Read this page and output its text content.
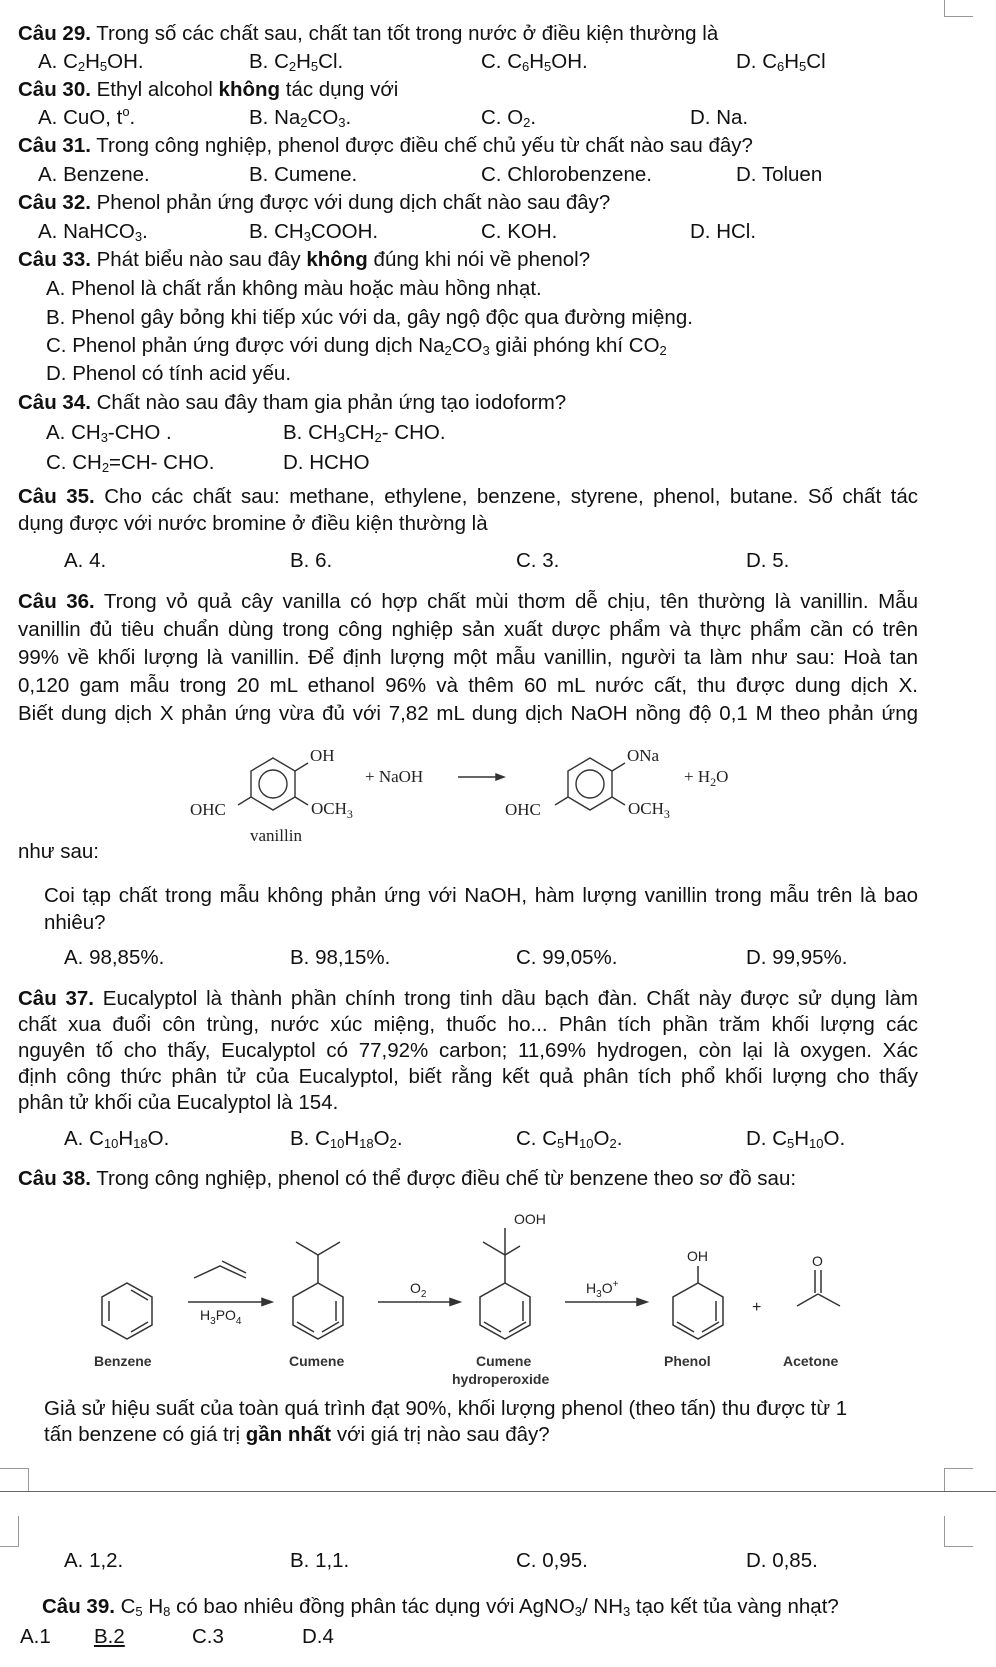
Câu 29. Trong số các chất sau, chất tan tốt trong nước ở điều kiện thường là
A. $C_2H_5OH$.	B. $C_2H_5Cl$.	C. $C_6H_5OH$.	D. $C_6H_5Cl$
Câu 30. Ethyl alcohol không tác dụng với
A. CuO, $t^o$.	B. $Na_2CO_3$.	C. $O_2$.	D. Na.
Câu 31. Trong công nghiệp, phenol được điều chế chủ yếu từ chất nào sau đây?
A. Benzene.	B. Cumene.	C. Chlorobenzene.	D. Toluen
Câu 32. Phenol phản ứng được với dung dịch chất nào sau đây?
A. NaHCO$_3$.	B. $CH_3COOH$.	C. KOH.	D. HCl.
Câu 33. Phát biểu nào sau đây không đúng khi nói về phenol?
A. Phenol là chất rắn không màu hoặc màu hồng nhạt.
B. Phenol gây bỏng khi tiếp xúc với da, gây ngộ độc qua đường miệng.
C. Phenol phản ứng được với dung dịch $Na_2CO_3$ giải phóng khí $CO_2$
D. Phenol có tính acid yếu.
Câu 34. Chất nào sau đây tham gia phản ứng tạo iodoform?
A. $CH_3$-CHO .	B. $CH_3CH_2-$ CHO.
C. $CH_2=CH-$ CHO.	D. HCHO
Câu 35. Cho các chất sau: methane, ethylene, benzene, styrene, phenol, butane. Số chất tác
dụng được với nước bromine ở điều kiện thường là
A. 4.	B. 6.	C. 3.	D. 5.
Câu 36. Trong vỏ quả cây vanilla có hợp chất mùi thơm dễ chịu, tên thường là vanillin. Mẫu
vanillin đủ tiêu chuẩn dùng trong công nghiệp sản xuất dược phẩm và thực phẩm cần có trên
99% về khối lượng là vanillin. Để định lượng một mẫu vanillin, người ta làm như sau: Hoà tan
0,120 gam mẫu trong 20 mL ethanol 96% và thêm 60 mL nước cất, thu được dung dịch X.
Biết dung dịch X phản ứng vừa đủ với 7,82 mL dung dịch NaOH nồng độ 0,1 M theo phản ứng
OH
OHC	$OCH_3$
vanillin
+ NaOH
ONa
OHC	$OCH_3$
+ $H_2O$
như sau:
Coi tạp chất trong mẫu không phản ứng với NaOH, hàm lượng vanillin trong mẫu trên là bao
nhiêu?
A. 98,85%.	B. 98,15%.	C. 99,05%.	D. 99,95%.
Câu 37. Eucalyptol là thành phần chính trong tinh dầu bạch đàn. Chất này được sử dụng làm
chất xua đuổi côn trùng, nước xúc miệng, thuốc ho... Phân tích phần trăm khối lượng các
nguyên tố cho thấy, Eucalyptol có 77,92% carbon; 11,69% hydrogen, còn lại là oxygen. Xác
định công thức phân tử của Eucalyptol, biết rằng kết quả phân tích phổ khối lượng cho thấy
phân tử khối của Eucalyptol là 154.
A. $C_{10}H_{18}O$.	B. $C_{10}H_{18}O_2$.	C. $C_5H_{10}O_2$.	D. $C_5H_{10}O$.
Câu 38. Trong công nghiệp, phenol có thể được điều chế từ benzene theo sơ đồ sau:
$H_3PO_4$
$O_2$	$H_3O^+$
OOH
OH	O
+
Benzene	Cumene	Cumene
hydroperoxide
Phenol	Acetone
Giả sử hiệu suất của toàn quá trình đạt 90%, khối lượng phenol (theo tấn) thu được từ 1
tấn benzene có giá trị gần nhất với giá trị nào sau đây?
A. 1,2.	B. 1,1.	C. 0,95.	D. 0,85.
Câu 39. $C_5$ $H_8$ có bao nhiêu đồng phân tác dụng với AgNO$_3$/ $NH_3$ tạo kết tủa vàng nhạt?
A.1 B.2	C.3	D.4
